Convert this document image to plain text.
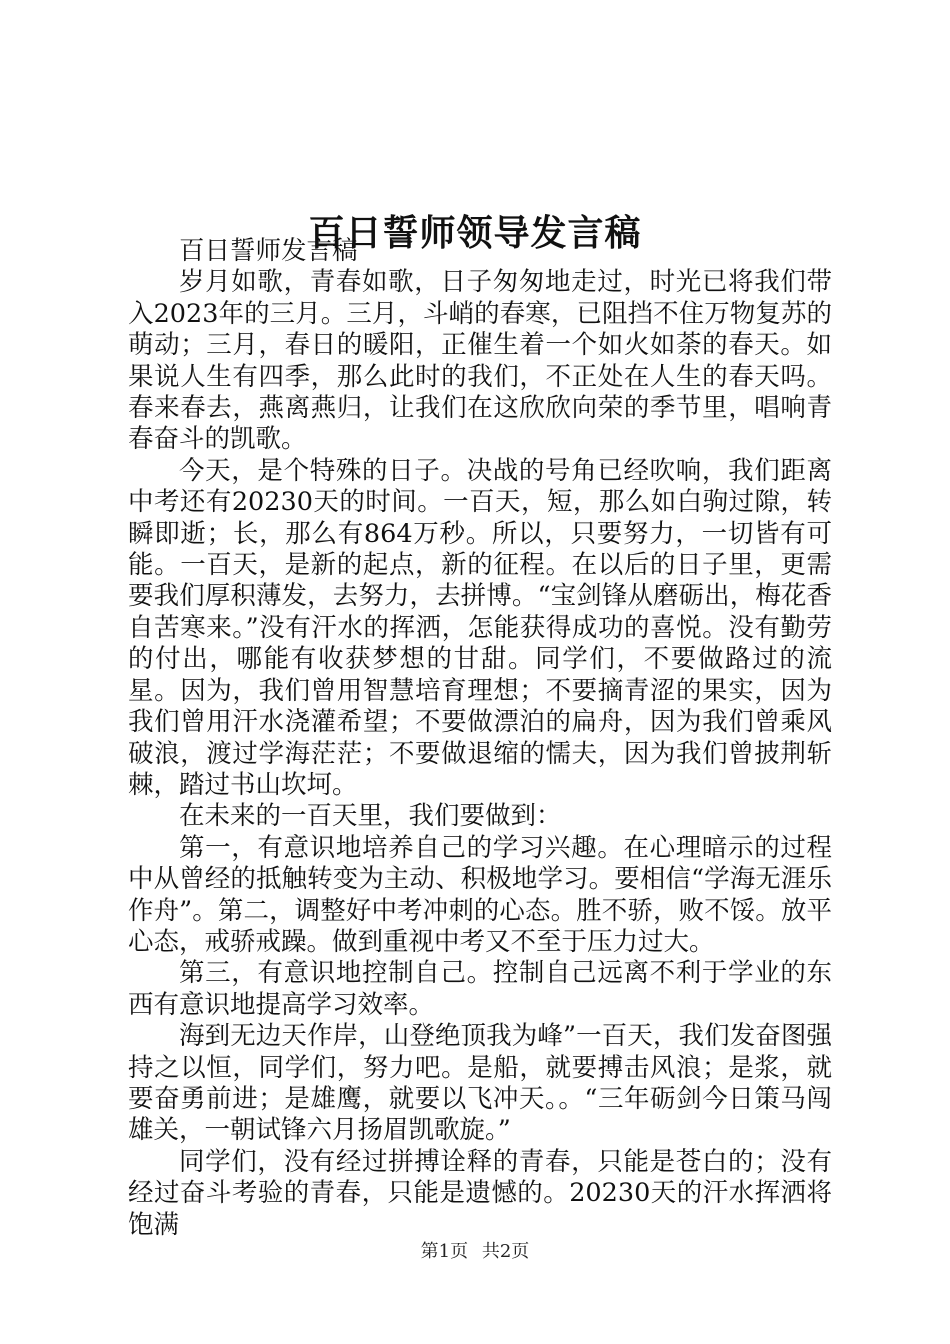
百日誓师领导发言稿

百日誓师发言稿

岁月如歌，青春如歌，日子匆匆地走过，时光已将我们带入2023年的三月。三月，斗峭的春寒，已阻挡不住万物复苏的萌动；三月，春日的暖阳，正催生着一个如火如荼的春天。如果说人生有四季，那么此时的我们，不正处在人生的春天吗。春来春去，燕离燕归，让我们在这欣欣向荣的季节里，唱响青春奋斗的凯歌。

今天，是个特殊的日子。决战的号角已经吹响，我们距离中考还有20230天的时间。一百天，短，那么如白驹过隙，转瞬即逝；长，那么有864万秒。所以，只要努力，一切皆有可能。一百天，是新的起点，新的征程。在以后的日子里，更需要我们厚积薄发，去努力，去拼博。“宝剑锋从磨砺出，梅花香自苦寒来。”没有汗水的挥洒，怎能获得成功的喜悦。没有勤劳的付出，哪能有收获梦想的甘甜。同学们，不要做路过的流星。因为，我们曾用智慧培育理想；不要摘青涩的果实，因为我们曾用汗水浇灌希望；不要做漂泊的扁舟，因为我们曾乘风破浪，渡过学海茫茫；不要做退缩的懦夫，因为我们曾披荆斩棘，踏过书山坎坷。

在未来的一百天里，我们要做到：

第一，有意识地培养自己的学习兴趣。在心理暗示的过程中从曾经的抵触转变为主动、积极地学习。要相信“学海无涯乐作舟”。第二，调整好中考冲刺的心态。胜不骄，败不馁。放平心态，戒骄戒躁。做到重视中考又不至于压力过大。

第三，有意识地控制自己。控制自己远离不利于学业的东西有意识地提高学习效率。

海到无边天作岸，山登绝顶我为峰”一百天，我们发奋图强持之以恒，同学们，努力吧。是船，就要搏击风浪；是浆，就要奋勇前进；是雄鹰，就要以飞冲天。。“三年砺剑今日策马闯雄关，一朝试锋六月扬眉凯歌旋。”

同学们，没有经过拼搏诠释的青春，只能是苍白的；没有经过奋斗考验的青春，只能是遗憾的。20230天的汗水挥洒将饱满

第1页 共2页
